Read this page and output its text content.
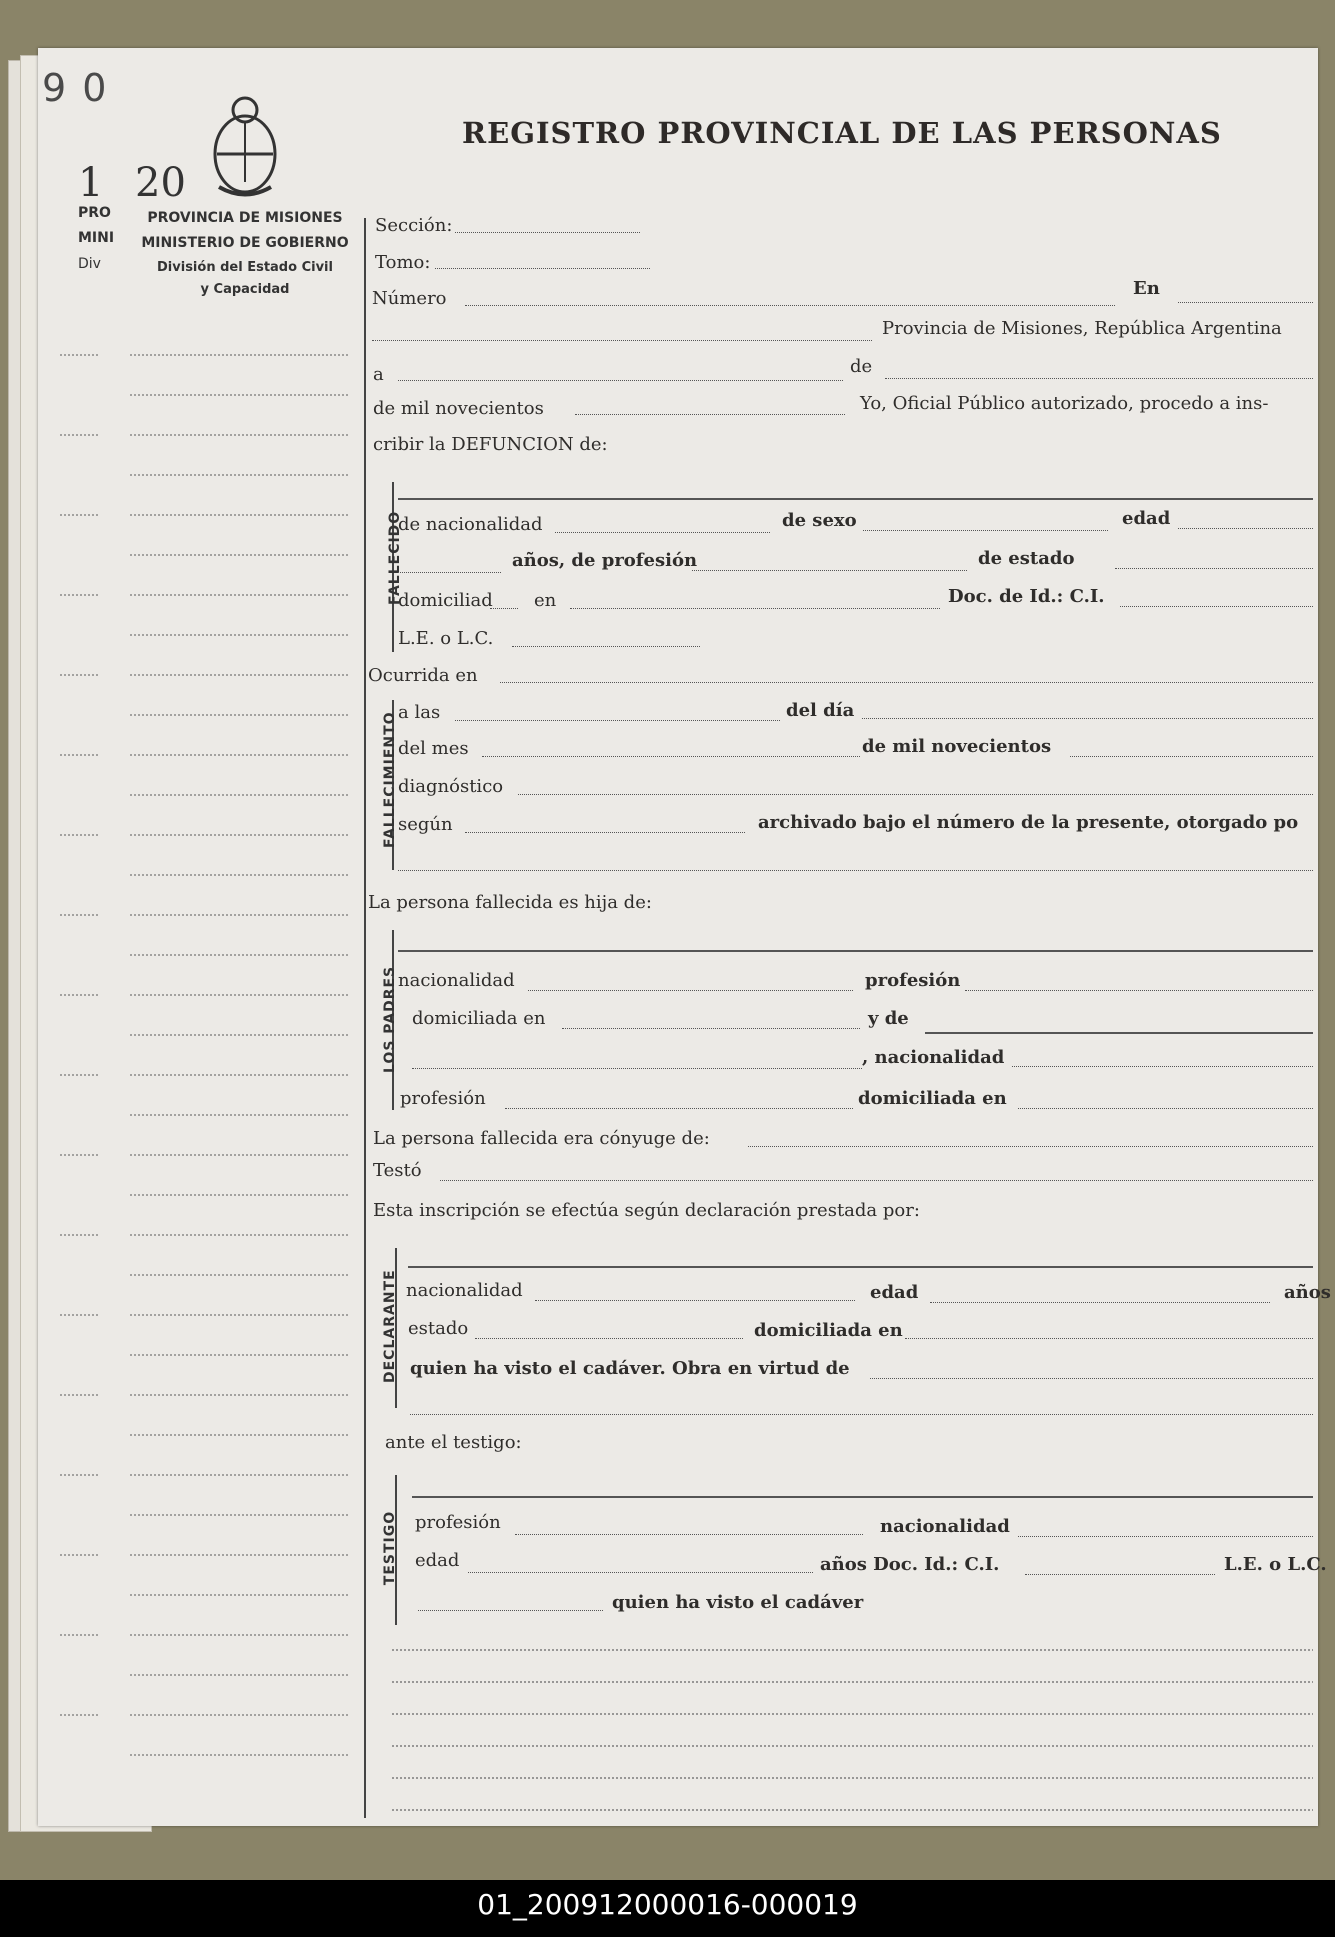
PRO
MINI
Div
9 0
1 20
PROVINCIA DE MISIONES
MINISTERIO DE GOBIERNO
División del Estado Civil
y Capacidad
REGISTRO PROVINCIAL DE LAS PERSONAS
Sección:
Tomo:
Número	En
Provincia de Misiones, República Argentina
a	de
de mil novecientos	Yo, Oficial Público autorizado, procedo a ins-
cribir la DEFUNCION de:
FALLECIDO
de nacionalidad	de sexo	edad
años, de profesión	de estado
domiciliad en	Doc. de Id.: C.I.
L.E. o L.C.
Ocurrida en
FALLECIMIENTO a las	del día
del mes	de mil novecientos
diagnóstico
según	archivado bajo el número de la presente, otorgado po
La persona fallecida es hija de:
LOS PADRES nacionalidad	profesión
domiciliada en	y de
, nacionalidad
profesión	domiciliada en
La persona fallecida era cónyuge de:
Testó
Esta inscripción se efectúa según declaración prestada por:
DECLARANTE nacionalidad	edad	años
estado	domiciliada en
quien ha visto el cadáver. Obra en virtud de
ante el testigo:
TESTIGO profesión	nacionalidad
edad	años Doc. Id.: C.I.	L.E. o L.C.
quien ha visto el cadáver
01_200912000016-000019
